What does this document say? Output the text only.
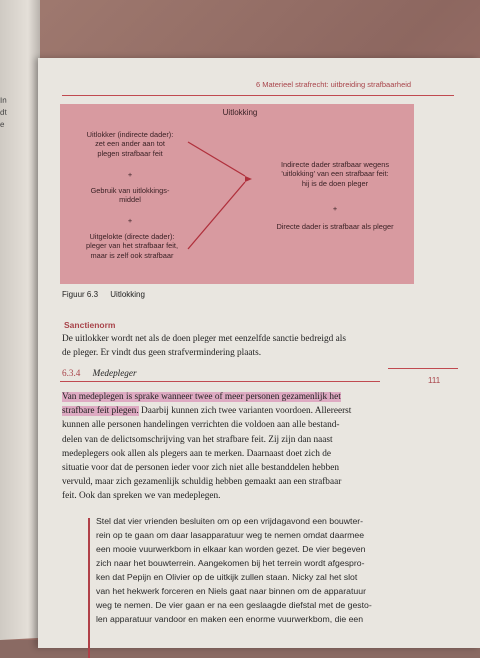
In
dt
e
6 Materieel strafrecht: uitbreiding strafbaarheid
Uitlokking
Uitlokker (indirecte dader):
zet een ander aan tot
plegen strafbaar feit
+
Gebruik van uitlokkings-
middel
+
Uitgelokte (directe dader):
pleger van het strafbaar feit,
maar is zelf ook strafbaar
Indirecte dader strafbaar wegens
'uitlokking' van een strafbaar feit:
hij is de doen pleger
+
Directe dader is strafbaar als pleger
Figuur 6.3 Uitlokking
Sanctienorm
De uitlokker wordt net als de doen pleger met eenzelfde sanctie bedreigd als
de pleger. Er vindt dus geen strafvermindering plaats.
6.3.4 Medepleger
111
Van medeplegen is sprake wanneer twee of meer personen gezamenlijk het
strafbare feit plegen. Daarbij kunnen zich twee varianten voordoen. Allereerst
kunnen alle personen handelingen verrichten die voldoen aan alle bestand-
delen van de delictsomschrijving van het strafbare feit. Zij zijn dan naast
medeplegers ook allen als plegers aan te merken. Daarnaast doet zich de
situatie voor dat de personen ieder voor zich niet alle bestanddelen hebben
vervuld, maar zich gezamenlijk schuldig hebben gemaakt aan een strafbaar
feit. Ook dan spreken we van medeplegen.
Stel dat vier vrienden besluiten om op een vrijdagavond een bouwter-
rein op te gaan om daar lasapparatuur weg te nemen omdat daarmee
een mooie vuurwerkbom in elkaar kan worden gezet. De vier begeven
zich naar het bouwterrein. Aangekomen bij het terrein wordt afgespro-
ken dat Pepijn en Olivier op de uitkijk zullen staan. Nicky zal het slot
van het hekwerk forceren en Niels gaat naar binnen om de apparatuur
weg te nemen. De vier gaan er na een geslaagde diefstal met de gesto-
len apparatuur vandoor en maken een enorme vuurwerkbom, die een
